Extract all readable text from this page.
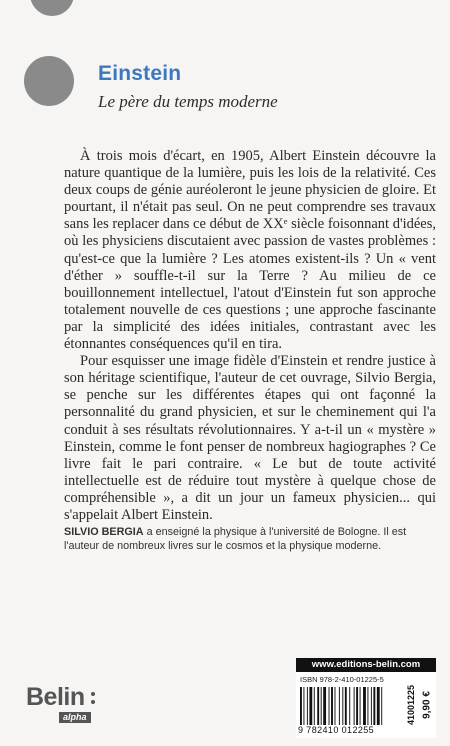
Einstein
Le père du temps moderne

À trois mois d'écart, en 1905, Albert Einstein découvre la nature quantique de la lumière, puis les lois de la relativité. Ces deux coups de génie auréoleront le jeune physicien de gloire. Et pourtant, il n'était pas seul. On ne peut comprendre ses travaux sans les replacer dans ce début de XXᵉ siècle foisonnant d'idées, où les physiciens discutaient avec passion de vastes problèmes : qu'est-ce que la lumière ? Les atomes existent-ils ? Un « vent d'éther » souffle-t-il sur la Terre ? Au milieu de ce bouillonnement intellectuel, l'atout d'Einstein fut son approche totalement nouvelle de ces questions ; une approche fascinante par la simplicité des idées initiales, contrastant avec les étonnantes conséquences qu'il en tira.

Pour esquisser une image fidèle d'Einstein et rendre justice à son héritage scientifique, l'auteur de cet ouvrage, Silvio Bergia, se penche sur les différentes étapes qui ont façonné la personnalité du grand physicien, et sur le cheminement qui l'a conduit à ses résultats révolutionnaires. Y a-t-il un « mystère » Einstein, comme le font penser de nombreux hagiographes ? Ce livre fait le pari contraire. « Le but de toute activité intellectuelle est de réduire tout mystère à quelque chose de compréhensible », a dit un jour un fameux physicien... qui s'appelait Albert Einstein.

SILVIO BERGIA a enseigné la physique à l'université de Bologne. Il est l'auteur de nombreux livres sur le cosmos et la physique moderne.
www.editions-belin.com
ISBN 978-2-410-01225-5
9 782410 012255
41001225 9,90 €
Belin
alpha
